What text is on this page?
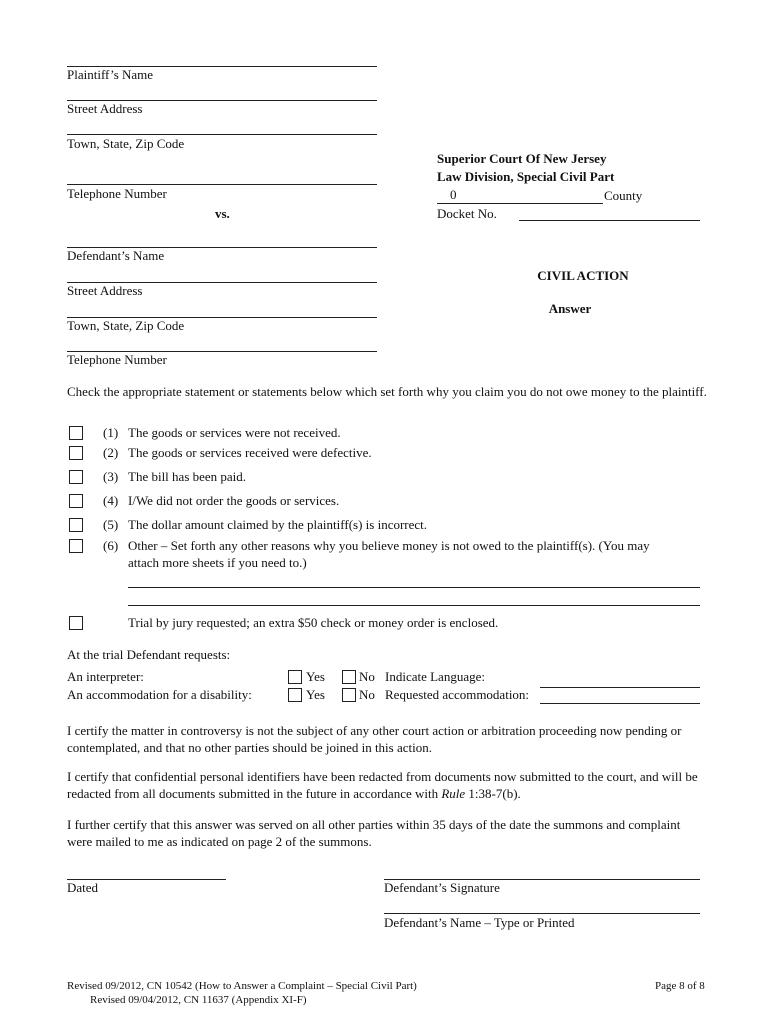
Plaintiff’s Name
Street Address
Town, State, Zip Code
Telephone Number
vs.
Defendant’s Name
Street Address
Town, State, Zip Code
Telephone Number
Superior Court Of New Jersey
Law Division, Special Civil Part
0	County
Docket No.
CIVIL ACTION
Answer
Check the appropriate statement or statements below which set forth why you claim you do not owe money to the plaintiff.
(1) The goods or services were not received.
(2) The goods or services received were defective.
(3) The bill has been paid.
(4) I/We did not order the goods or services.
(5) The dollar amount claimed by the plaintiff(s) is incorrect.
(6) Other – Set forth any other reasons why you believe money is not owed to the plaintiff(s). (You may
attach more sheets if you need to.)
Trial by jury requested; an extra $50 check or money order is enclosed.
At the trial Defendant requests:
An interpreter:	Yes	No Indicate Language:
An accommodation for a disability:	Yes	No Requested accommodation:
I certify the matter in controversy is not the subject of any other court action or arbitration proceeding now pending or contemplated, and that no other parties should be joined in this action.
I certify that confidential personal identifiers have been redacted from documents now submitted to the court, and will be redacted from all documents submitted in the future in accordance with Rule 1:38-7(b).
I further certify that this answer was served on all other parties within 35 days of the date the summons and complaint were mailed to me as indicated on page 2 of the summons.
Dated	Defendant’s Signature
Defendant’s Name – Type or Printed
Revised 09/2012, CN 10542 (How to Answer a Complaint – Special Civil Part)
Revised 09/04/2012, CN 11637 (Appendix XI-F)
Page 8 of 8
